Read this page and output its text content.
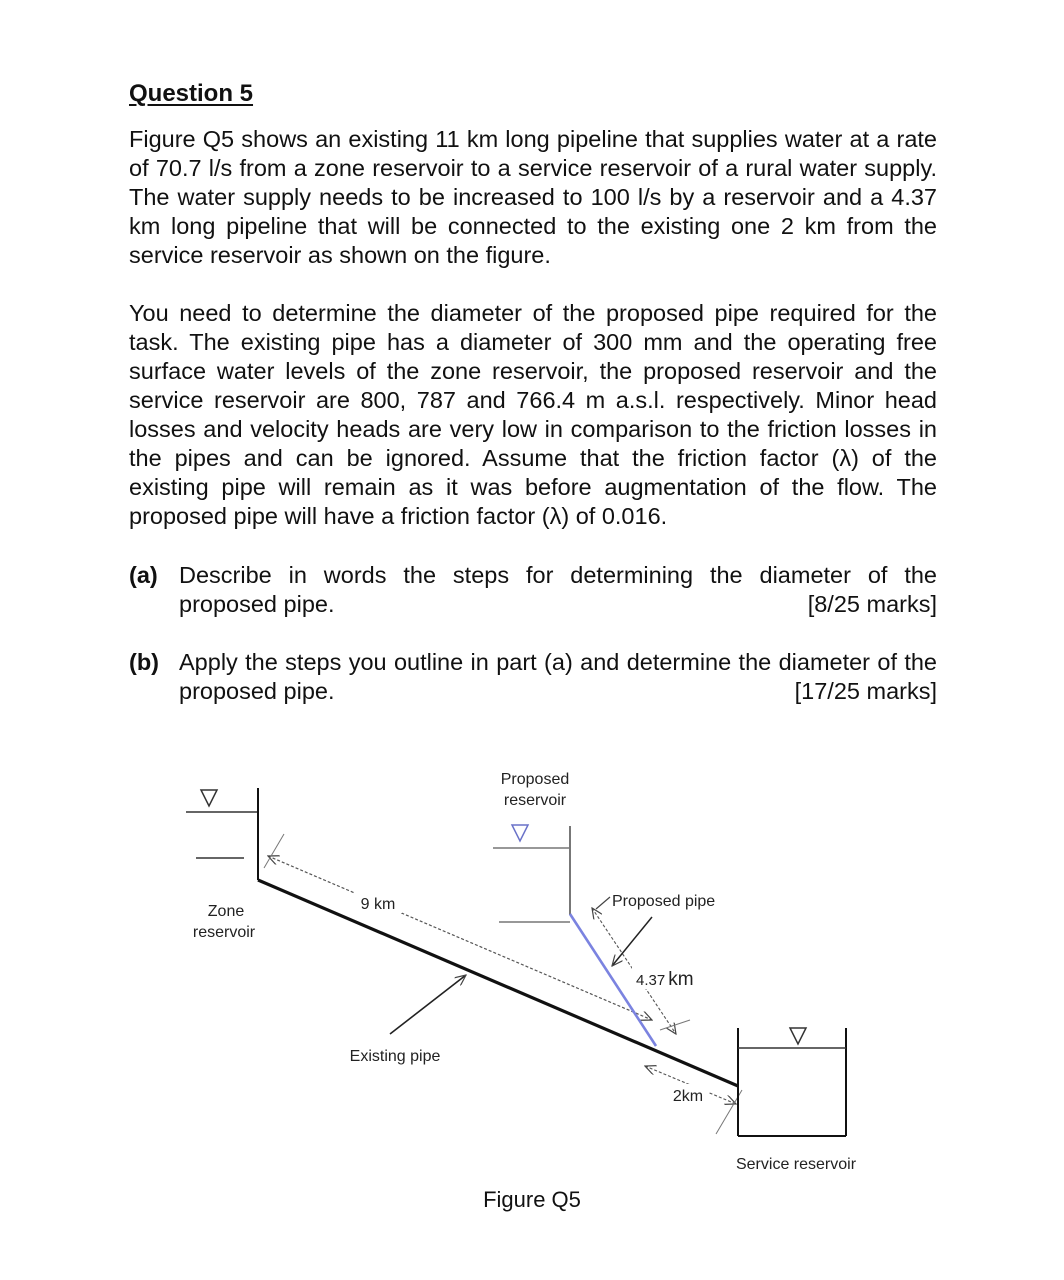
Question 5

Figure Q5 shows an existing 11 km long pipeline that supplies water at a rate of 70.7 l/s from a zone reservoir to a service reservoir of a rural water supply. The water supply needs to be increased to 100 l/s by a reservoir and a 4.37 km long pipeline that will be connected to the existing one 2 km from the service reservoir as shown on the figure.

You need to determine the diameter of the proposed pipe required for the task. The existing pipe has a diameter of 300 mm and the operating free surface water levels of the zone reservoir, the proposed reservoir and the service reservoir are 800, 787 and 766.4 m a.s.l. respectively. Minor head losses and velocity heads are very low in comparison to the friction losses in the pipes and can be ignored. Assume that the friction factor (λ) of the existing pipe will remain as it was before augmentation of the flow. The proposed pipe will have a friction factor (λ) of 0.016.

(a) Describe in words the steps for determining the diameter of the proposed pipe.	[8/25 marks]
(b) Apply the steps you outline in part (a) and determine the diameter of the proposed pipe.	[17/25 marks]
Zone
reservoir
9 km
Existing pipe
Proposed
reservoir
4.37 km
Proposed pipe
2km
Service reservoir
Figure Q5
